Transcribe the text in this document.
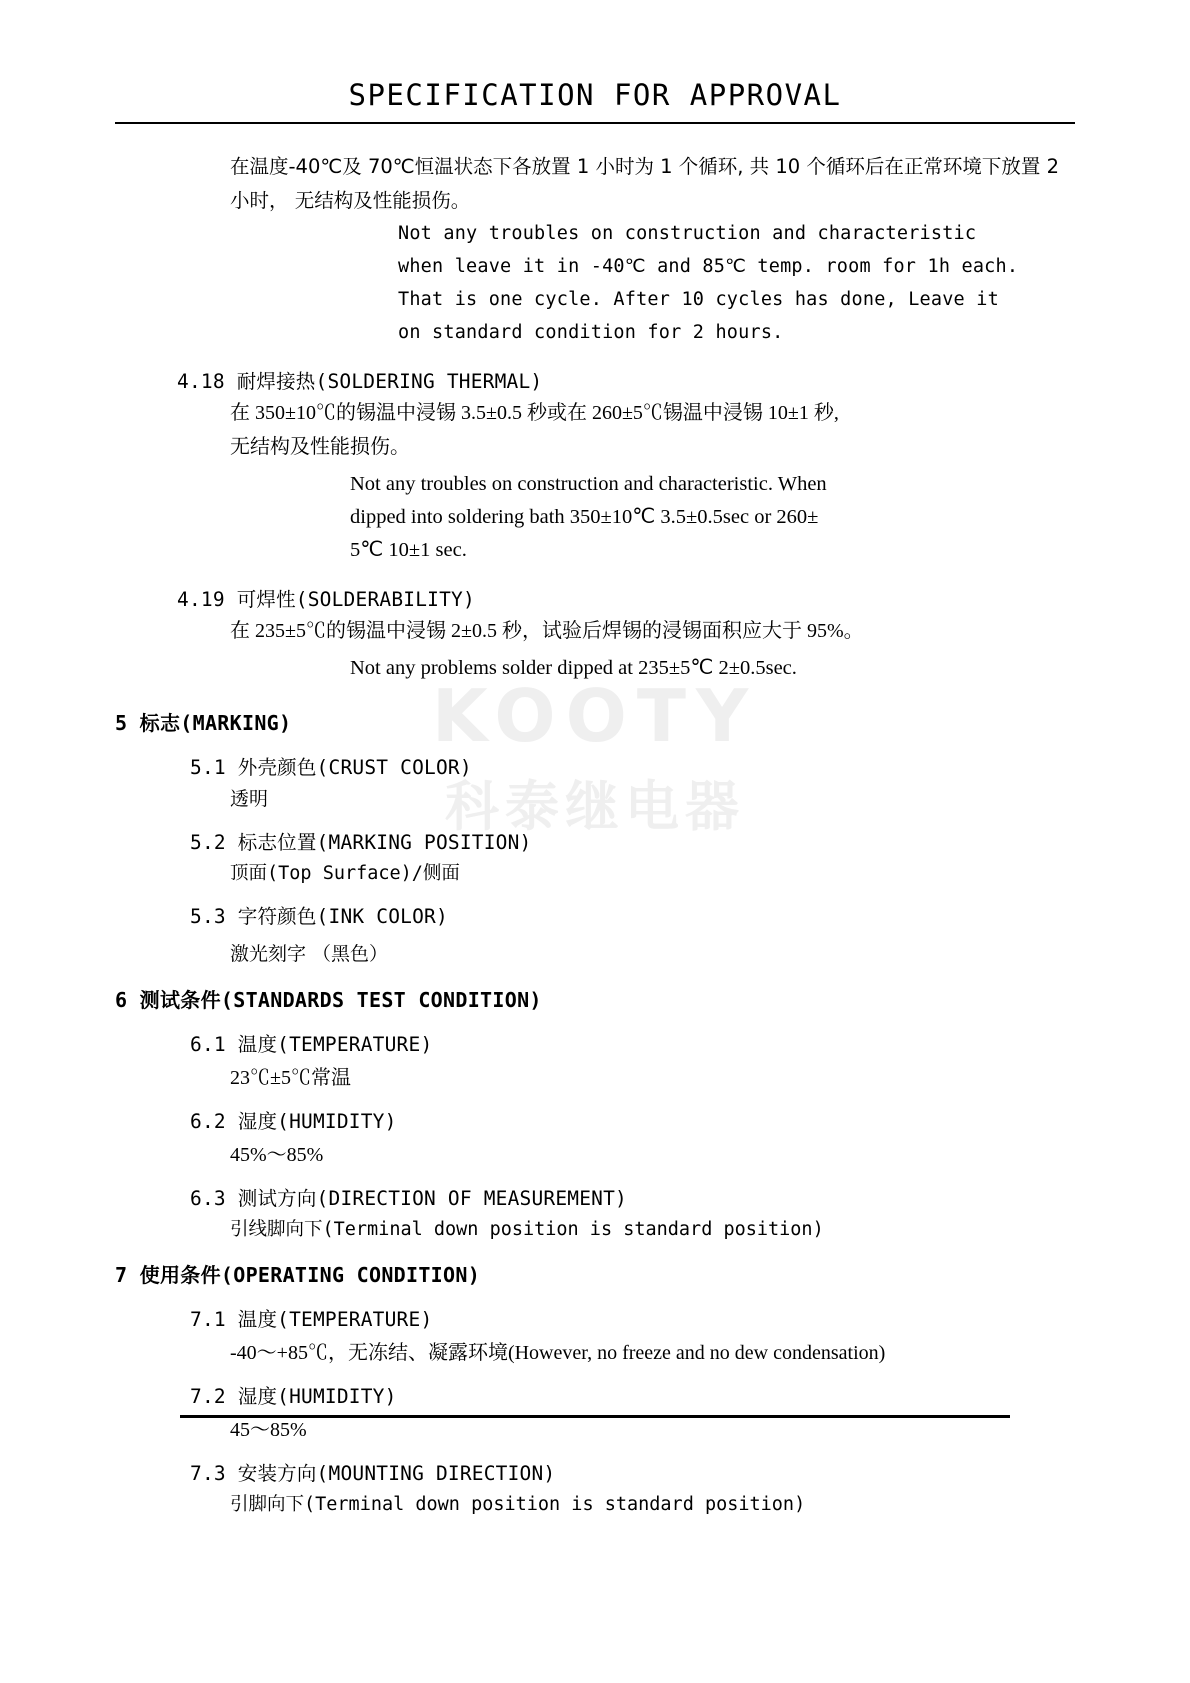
KOOTY
科泰继电器
SPECIFICATION FOR APPROVAL
在温度-40℃及 70℃恒温状态下各放置 1 小时为 1 个循环, 共 10 个循环后在正常环境下放置 2 小时， 无结构及性能损伤。
Not any troubles on construction and characteristic
when leave it in -40℃ and 85℃ temp. room for 1h each.
That is one cycle. After 10 cycles has done, Leave it
on standard condition for 2 hours.
4.18 耐焊接热(SOLDERING THERMAL)
在 350±10℃的锡温中浸锡 3.5±0.5 秒或在 260±5℃锡温中浸锡 10±1 秒,
无结构及性能损伤。
Not any troubles on construction and characteristic. When
dipped into soldering bath 350±10℃ 3.5±0.5sec or 260±
5℃ 10±1 sec.
4.19 可焊性(SOLDERABILITY)
在 235±5℃的锡温中浸锡 2±0.5 秒，试验后焊锡的浸锡面积应大于 95%。
Not any problems solder dipped at 235±5℃ 2±0.5sec.
5 标志(MARKING)
5.1 外壳颜色(CRUST COLOR)
透明
5.2 标志位置(MARKING POSITION)
顶面(Top Surface)/侧面
5.3 字符颜色(INK COLOR)
激光刻字 （黑色）
6 测试条件(STANDARDS TEST CONDITION)
6.1 温度(TEMPERATURE)
23℃±5℃常温
6.2 湿度(HUMIDITY)
45%～85%
6.3 测试方向(DIRECTION OF MEASUREMENT)
引线脚向下(Terminal down position is standard position)
7 使用条件(OPERATING CONDITION)
7.1 温度(TEMPERATURE)
-40～+85℃，无冻结、凝露环境(However, no freeze and no dew condensation)
7.2 湿度(HUMIDITY)
45～85%
7.3 安装方向(MOUNTING DIRECTION)
引脚向下(Terminal down position is standard position)
